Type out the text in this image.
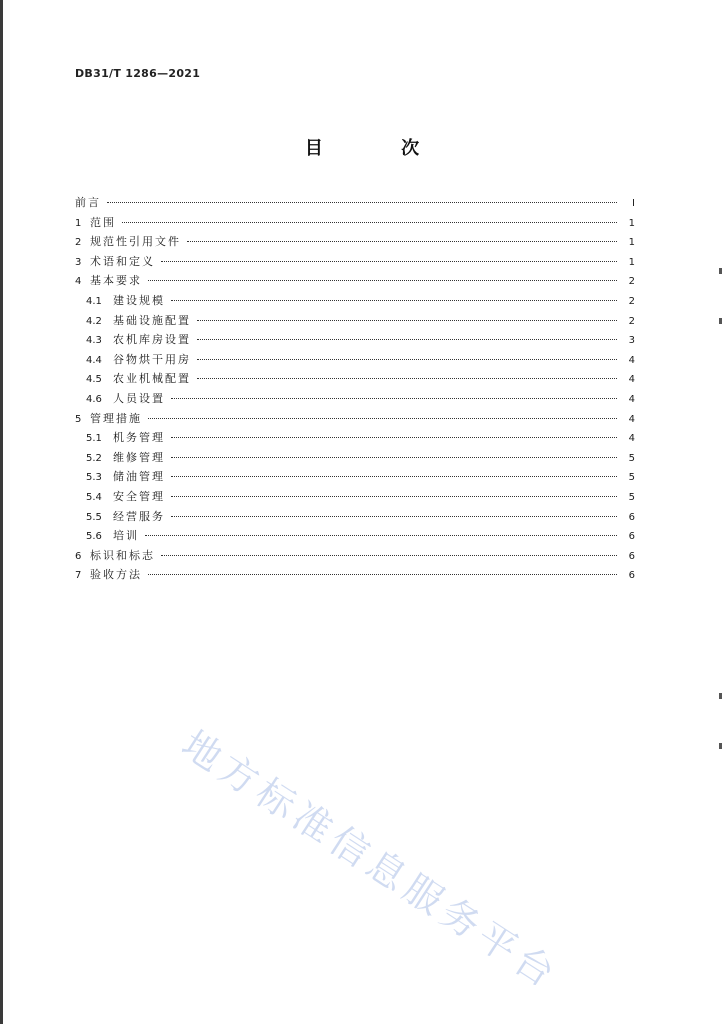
DB31/T 1286—2021
目 次
前言	I
1 范围	1
2 规范性引用文件	1
3 术语和定义	1
4 基本要求	2
4.1	建设规模	2
4.2	基础设施配置	2
4.3	农机库房设置	3
4.4	谷物烘干用房	4
4.5	农业机械配置	4
4.6	人员设置	4
5 管理措施	4
5.1	机务管理	4
5.2	维修管理	5
5.3	储油管理	5
5.4	安全管理	5
5.5	经营服务	6
5.6	培训	6
6 标识和标志	6
7 验收方法	6
地方标准信息服务平台
